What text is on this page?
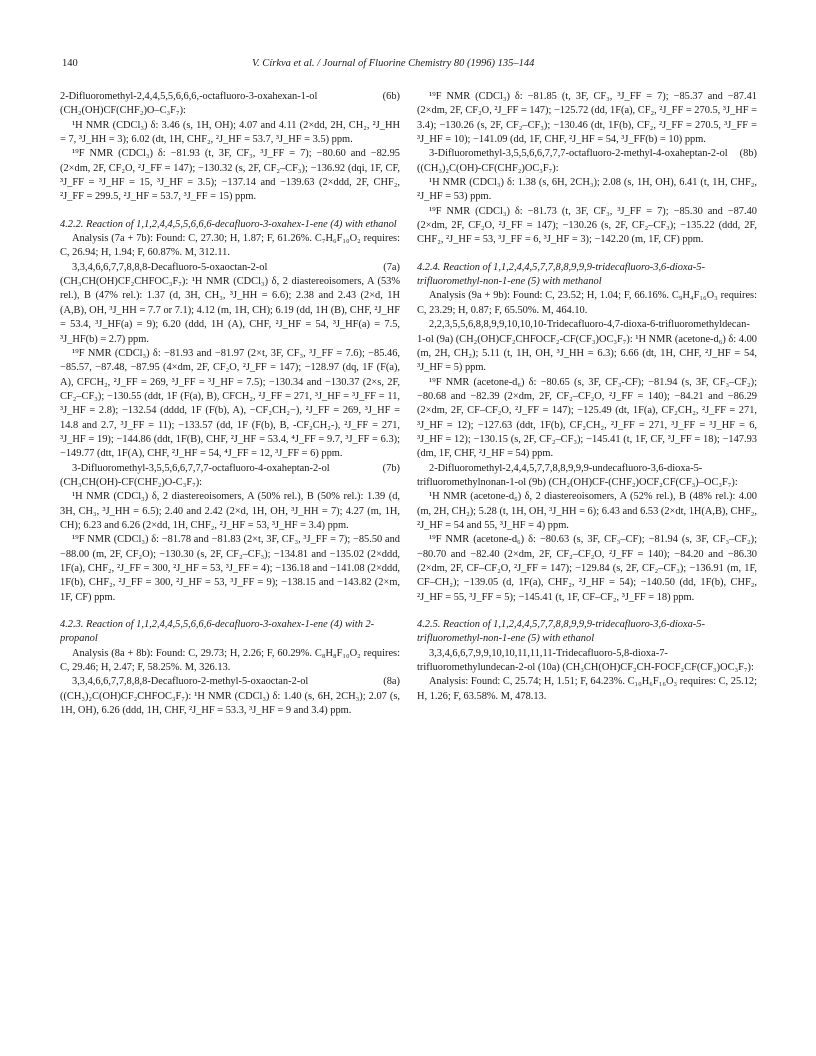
140	V. Církva et al. / Journal of Fluorine Chemistry 80 (1996) 135–144

2-Difluoromethyl-2,4,4,5,5,6,6,6,-octafluoro-3-oxahexan-1-ol (6b) (CH₂(OH)CF(CHF₂)O–C₃F₇):

¹H NMR (CDCl₃) δ: 3.46 (s, 1H, OH); 4.07 and 4.11 (2×dd, 2H, CH₂, ²J_HH = 7, ³J_HH = 3); 6.02 (dt, 1H, CHF₂, ²J_HF = 53.7, ³J_HF = 3.5) ppm.

¹⁹F NMR (CDCl₃) δ: −81.93 (t, 3F, CF₃, ³J_FF = 7); −80.60 and −82.95 (2×dm, 2F, CF₂O, ²J_FF = 147); −130.32 (s, 2F, CF₂–CF₃); −136.92 (dqi, 1F, CF, ³J_FF = ³J_HF = 15, ³J_HF = 3.5); −137.14 and −139.63 (2×ddd, 2F, CHF₂, ²J_FF = 299.5, ²J_HF = 53.7, ³J_FF = 15) ppm.

4.2.2. Reaction of 1,1,2,4,4,5,5,6,6,6-decafluoro-3-oxahex-1-ene (4) with ethanol

Analysis (7a + 7b): Found: C, 27.30; H, 1.87; F, 61.26%. C₇H₆F₁₀O₂ requires: C, 26.94; H, 1.94; F, 60.87%. M, 312.11.

3,3,4,6,6,7,7,8,8,8-Decafluoro-5-oxaoctan-2-ol (7a) (CH₃CH(OH)CF₂CHFOC₃F₇): ¹H NMR (CDCl₃) δ, 2 diastereoisomers, A (53% rel.), B (47% rel.): 1.37 (d, 3H, CH₃, ³J_HH = 6.6); 2.38 and 2.43 (2×d, 1H (A,B), OH, ³J_HH = 7.7 or 7.1); 4.12 (m, 1H, CH); 6.19 (dd, 1H (B), CHF, ²J_HF = 53.4, ³J_HF(a) = 9); 6.20 (ddd, 1H (A), CHF, ²J_HF = 54, ³J_HF(a) = 7.5, ³J_HF(b) = 2.7) ppm.

¹⁹F NMR (CDCl₃) δ: −81.93 and −81.97 (2×t, 3F, CF₃, ³J_FF = 7.6); −85.46, −85.57, −87.48, −87.95 (4×dm, 2F, CF₂O, ²J_FF = 147); −128.97 (dq, 1F (F(a), A), CFCH₂, ²J_FF = 269, ³J_FF = ³J_HF = 7.5); −130.34 and −130.37 (2×s, 2F, CF₂–CF₃); −130.55 (ddt, 1F (F(a), B), CFCH₂, ²J_FF = 271, ³J_HF = ³J_FF = 11, ³J_HF = 2.8); −132.54 (dddd, 1F (F(b), A), −CF₂CH₂−), ²J_FF = 269, ³J_HF = 14.8 and 2.7, ³J_FF = 11); −133.57 (dd, 1F (F(b), B, -CF₂CH₂-), ²J_FF = 271, ³J_HF = 19); −144.86 (ddt, 1F(B), CHF, ²J_HF = 53.4, ⁴J_FF = 9.7, ³J_FF = 6.3); −149.77 (dtt, 1F(A), CHF, ²J_HF = 54, ⁴J_FF = 12, ³J_FF = 6) ppm.

3-Difluoromethyl-3,5,5,6,6,7,7,7-octafluoro-4-oxaheptan-2-ol (7b) (CH₃CH(OH)-CF(CHF₂)O-C₃F₇):

¹H NMR (CDCl₃) δ, 2 diastereoisomers, A (50% rel.), B (50% rel.): 1.39 (d, 3H, CH₃, ³J_HH = 6.5); 2.40 and 2.42 (2×d, 1H, OH, ³J_HH = 7); 4.27 (m, 1H, CH); 6.23 and 6.26 (2×dd, 1H, CHF₂, ²J_HF = 53, ³J_HF = 3.4) ppm.

¹⁹F NMR (CDCl₃) δ: −81.78 and −81.83 (2×t, 3F, CF₃, ³J_FF = 7); −85.50 and −88.00 (m, 2F, CF₂O); −130.30 (s, 2F, CF₂–CF₃); −134.81 and −135.02 (2×ddd, 1F(a), CHF₂, ²J_FF = 300, ²J_HF = 53, ³J_FF = 4); −136.18 and −141.08 (2×ddd, 1F(b), CHF₂, ²J_FF = 300, ²J_HF = 53, ³J_FF = 9); −138.15 and −143.82 (2×m, 1F, CF) ppm.

4.2.3. Reaction of 1,1,2,4,4,5,5,6,6,6-decafluoro-3-oxahex-1-ene (4) with 2-propanol

Analysis (8a + 8b): Found: C, 29.73; H, 2.26; F, 60.29%. C₈H₈F₁₀O₂ requires: C, 29.46; H, 2.47; F, 58.25%. M, 326.13.

3,3,4,6,6,7,7,8,8,8-Decafluoro-2-methyl-5-oxaoctan-2-ol (8a) ((CH₃)₂C(OH)CF₂CHFOC₃F₇): ¹H NMR (CDCl₃) δ: 1.40 (s, 6H, 2CH₃); 2.07 (s, 1H, OH), 6.26 (ddd, 1H, CHF, ²J_HF = 53.3, ³J_HF = 9 and 3.4) ppm.

¹⁹F NMR (CDCl₃) δ: −81.85 (t, 3F, CF₃, ³J_FF = 7); −85.37 and −87.41 (2×dm, 2F, CF₂O, ²J_FF = 147); −125.72 (dd, 1F(a), CF₂, ²J_FF = 270.5, ³J_HF = 3.4); −130.26 (s, 2F, CF₂–CF₃); −130.46 (dt, 1F(b), CF₂, ²J_FF = 270.5, ³J_FF = ³J_HF = 10); −141.09 (dd, 1F, CHF, ²J_HF = 54, ³J_FF(b) = 10) ppm.

3-Difluoromethyl-3,5,5,6,6,7,7,7-octafluoro-2-methyl-4-oxaheptan-2-ol (8b) ((CH₃)₂C(OH)-CF(CHF₂)OC₃F₇):

¹H NMR (CDCl₃) δ: 1.38 (s, 6H, 2CH₃); 2.08 (s, 1H, OH), 6.41 (t, 1H, CHF₂, ²J_HF = 53) ppm.

¹⁹F NMR (CDCl₃) δ: −81.73 (t, 3F, CF₃, ³J_FF = 7); −85.30 and −87.40 (2×dm, 2F, CF₂O, ²J_FF = 147); −130.26 (s, 2F, CF₂–CF₃); −135.22 (ddd, 2F, CHF₂, ²J_HF = 53, ³J_FF = 6, ³J_HF = 3); −142.20 (m, 1F, CF) ppm.

4.2.4. Reaction of 1,1,2,4,4,5,7,7,8,8,9,9,9-tridecafluoro-3,6-dioxa-5-trifluoromethyl-non-1-ene (5) with methanol

Analysis (9a + 9b): Found: C, 23.52; H, 1.04; F, 66.16%. C₉H₄F₁₆O₃ requires: C, 23.29; H, 0.87; F, 65.50%. M, 464.10.

2,2,3,5,5,6,8,8,9,9,10,10,10-Tridecafluoro-4,7-dioxa-6-trifluoromethyldecan-1-ol (9a) (CH₂(OH)CF₂CHFOCF₂-CF(CF₃)OC₃F₇): ¹H NMR (acetone-d₆) δ: 4.00 (m, 2H, CH₂); 5.11 (t, 1H, OH, ³J_HH = 6.3); 6.66 (dt, 1H, CHF, ²J_HF = 54, ³J_HF = 5) ppm.

¹⁹F NMR (acetone-d₆) δ: −80.65 (s, 3F, CF₃-CF); −81.94 (s, 3F, CF₃–CF₂); −80.68 and −82.39 (2×dm, 2F, CF₂–CF₂O, ²J_FF = 140); −84.21 and −86.29 (2×dm, 2F, CF–CF₂O, ²J_FF = 147); −125.49 (dt, 1F(a), CF₂CH₂, ²J_FF = 271, ³J_HF = 12); −127.63 (ddt, 1F(b), CF₂CH₂, ²J_FF = 271, ³J_FF = ³J_HF = 6, ³J_HF = 12); −130.15 (s, 2F, CF₂–CF₃); −145.41 (t, 1F, CF, ³J_FF = 18); −147.93 (dm, 1F, CHF, ²J_HF = 54) ppm.

2-Difluoromethyl-2,4,4,5,7,7,8,8,9,9,9-undecafluoro-3,6-dioxa-5-trifluoromethylnonan-1-ol (9b) (CH₂(OH)CF-(CHF₂)OCF₂CF(CF₃)–OC₃F₇):

¹H NMR (acetone-d₆) δ, 2 diastereoisomers, A (52% rel.), B (48% rel.): 4.00 (m, 2H, CH₂); 5.28 (t, 1H, OH, ³J_HH = 6); 6.43 and 6.53 (2×dt, 1H(A,B), CHF₂, ²J_HF = 54 and 55, ³J_HF = 4) ppm.

¹⁹F NMR (acetone-d₆) δ: −80.63 (s, 3F, CF₃–CF); −81.94 (s, 3F, CF₃–CF₂); −80.70 and −82.40 (2×dm, 2F, CF₂–CF₂O, ²J_FF = 140); −84.20 and −86.30 (2×dm, 2F, CF–CF₂O, ²J_FF = 147); −129.84 (s, 2F, CF₂–CF₃); −136.91 (m, 1F, CF–CH₂); −139.05 (d, 1F(a), CHF₂, ²J_HF = 54); −140.50 (dd, 1F(b), CHF₂, ²J_HF = 55, ³J_FF = 5); −145.41 (t, 1F, CF–CF₂, ³J_FF = 18) ppm.

4.2.5. Reaction of 1,1,2,4,4,5,7,7,8,8,9,9,9-tridecafluoro-3,6-dioxa-5-trifluoromethyl-non-1-ene (5) with ethanol

3,3,4,6,6,7,9,9,10,10,11,11,11-Tridecafluoro-5,8-dioxa-7-trifluoromethylundecan-2-ol (10a) (CH₃CH(OH)CF₂CH-FOCF₂CF(CF₃)OC₃F₇):

Analysis: Found: C, 25.74; H, 1.51; F, 64.23%. C₁₀H₆F₁₆O₃ requires: C, 25.12; H, 1.26; F, 63.58%. M, 478.13.
